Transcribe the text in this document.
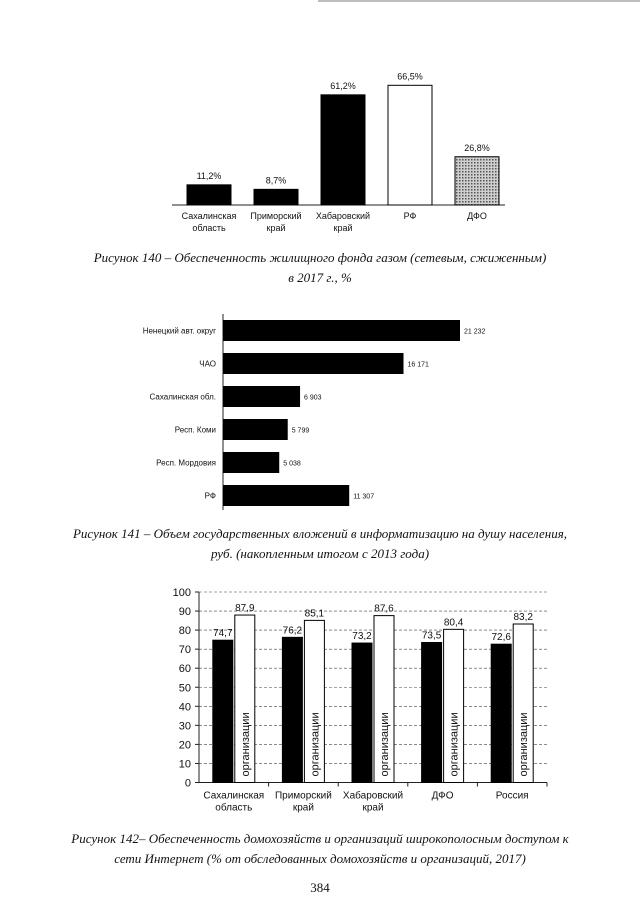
11,2%
Сахалинская
область
8,7%
Приморский
край
61,2%
Хабаровский
край
66,5%
РФ
26,8%
ДФО
Рисунок 140 – Обеспеченность жилищного фонда газом (сетевым, сжиженным)
в 2017 г., %
Ненецкий авт. округ	21 232
ЧАО	16 171
Сахалинская обл.	6 903
Респ. Коми	5 799
Респ. Мордовия	5 038
РФ	11 307
Рисунок 141 – Объем государственных вложений в информатизацию на душу населения,
руб. (накопленным итогом с 2013 года)
0
10
20
30
40
50
60
70
80
90
100
74,7
87,9
организации
Сахалинская
область
76,2
85,1
организации
Приморский
край
73,2
87,6
организации
Хабаровский
край
73,5
80,4
организации
ДФО
72,6
83,2
организации
Россия
Рисунок 142– Обеспеченность домохозяйств и организаций широкополосным доступом к
сети Интернет (% от обследованных домохозяйств и организаций, 2017)
384
